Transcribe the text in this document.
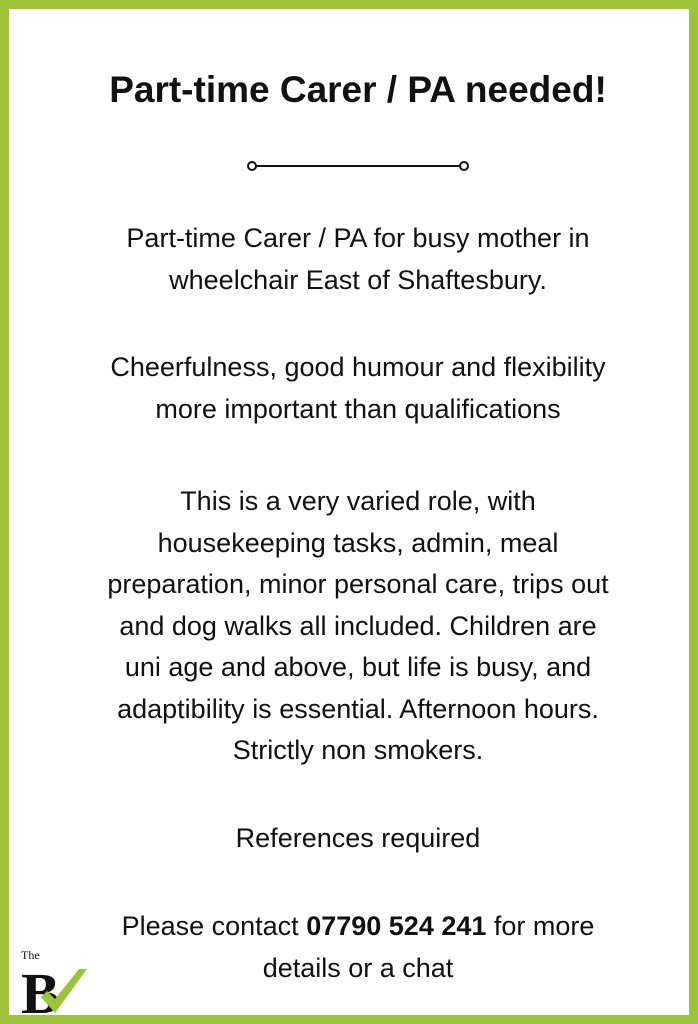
Part-time Carer / PA needed!

Part-time Carer / PA for busy mother in
wheelchair East of Shaftesbury.

Cheerfulness, good humour and flexibility
more important than qualifications

This is a very varied role, with
housekeeping tasks, admin, meal
preparation, minor personal care, trips out
and dog walks all included. Children are
uni age and above, but life is busy, and
adaptibility is essential. Afternoon hours.
Strictly non smokers.

References required

Please contact 07790 524 241 for more
details or a chat

The
B
